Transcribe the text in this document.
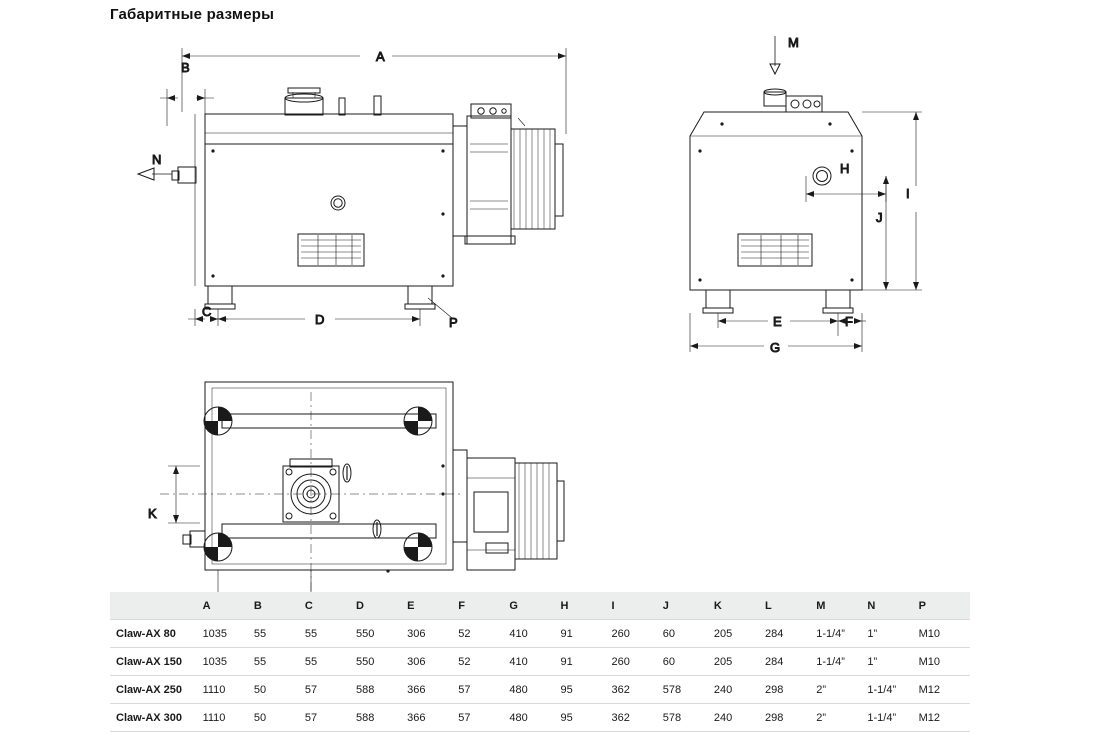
Габаритные размеры
A
B
N
C
D	P
M
H
E	F
G
I
J
K
L
	A	B	C	D	E	F	G	H	I	J	K	L	M	N	P
Claw-AX 80	1035	55	55	550	306	52	410	91	260	60	205	284	1-1/4”	1”	M10
Claw-AX 150	1035	55	55	550	306	52	410	91	260	60	205	284	1-1/4”	1”	M10
Claw-AX 250	1110	50	57	588	366	57	480	95	362	578	240	298	2”	1-1/4”	M12
Claw-AX 300	1110	50	57	588	366	57	480	95	362	578	240	298	2”	1-1/4”	M12
